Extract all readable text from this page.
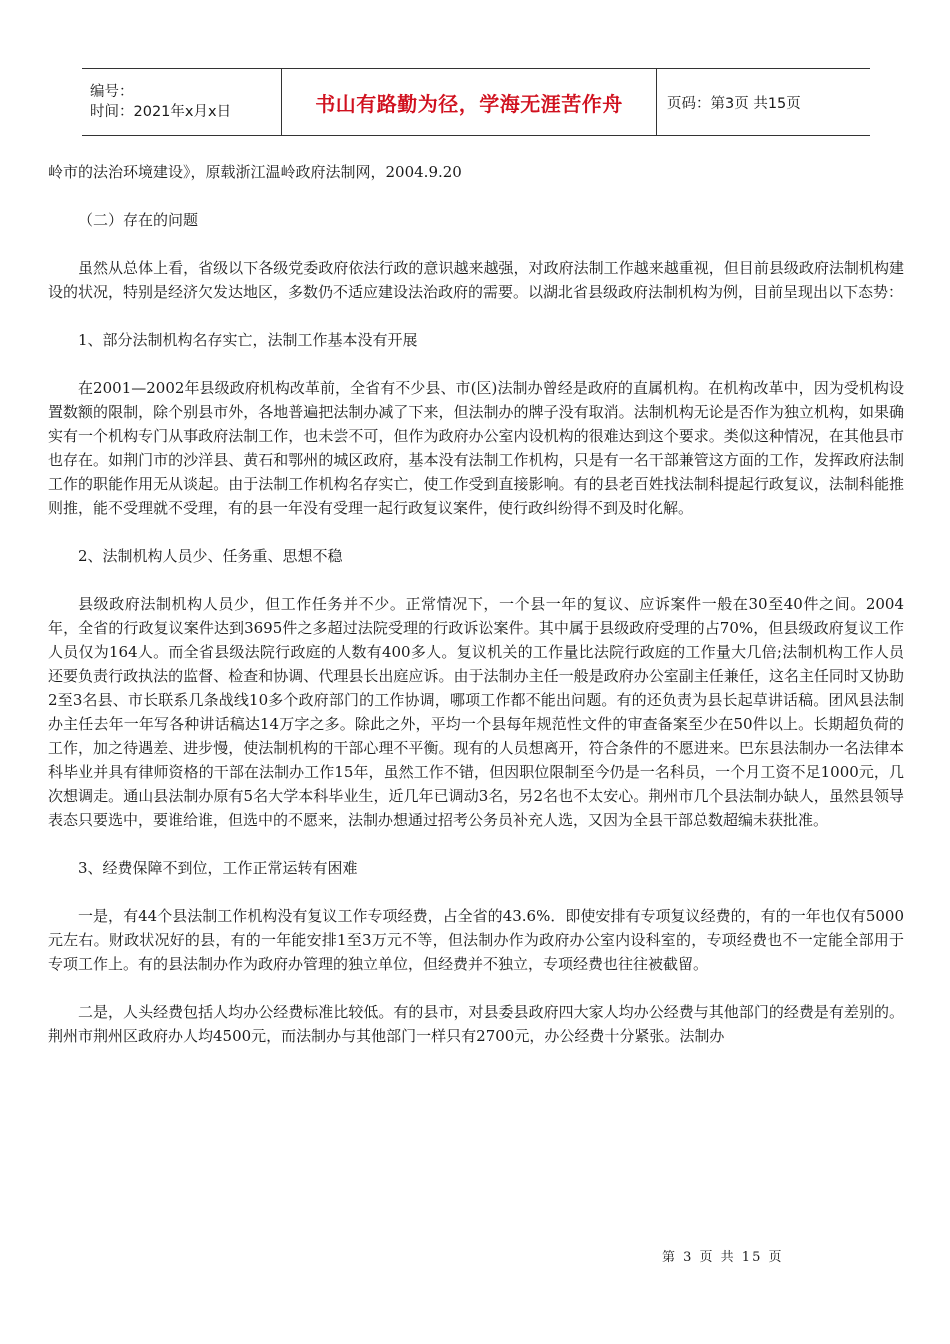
编号：
时间：2021年x月x日	书山有路勤为径，学海无涯苦作舟	页码：第3页 共15页

岭市的法治环境建设》，原载浙江温岭政府法制网，2004.9.20

（二）存在的问题

虽然从总体上看，省级以下各级党委政府依法行政的意识越来越强，对政府法制工作越来越重视，但目前县级政府法制机构建设的状况，特别是经济欠发达地区，多数仍不适应建设法治政府的需要。以湖北省县级政府法制机构为例，目前呈现出以下态势：

1、部分法制机构名存实亡，法制工作基本没有开展

在2001—2002年县级政府机构改革前，全省有不少县、市(区)法制办曾经是政府的直属机构。在机构改革中，因为受机构设置数额的限制，除个别县市外，各地普遍把法制办减了下来，但法制办的牌子没有取消。法制机构无论是否作为独立机构，如果确实有一个机构专门从事政府法制工作，也未尝不可，但作为政府办公室内设机构的很难达到这个要求。类似这种情况，在其他县市也存在。如荆门市的沙洋县、黄石和鄂州的城区政府，基本没有法制工作机构，只是有一名干部兼管这方面的工作，发挥政府法制工作的职能作用无从谈起。由于法制工作机构名存实亡，使工作受到直接影响。有的县老百姓找法制科提起行政复议，法制科能推则推，能不受理就不受理，有的县一年没有受理一起行政复议案件，使行政纠纷得不到及时化解。

2、法制机构人员少、任务重、思想不稳

县级政府法制机构人员少，但工作任务并不少。正常情况下，一个县一年的复议、应诉案件一般在30至40件之间。2004年，全省的行政复议案件达到3695件之多超过法院受理的行政诉讼案件。其中属于县级政府受理的占70%，但县级政府复议工作人员仅为164人。而全省县级法院行政庭的人数有400多人。复议机关的工作量比法院行政庭的工作量大几倍;法制机构工作人员还要负责行政执法的监督、检查和协调、代理县长出庭应诉。由于法制办主任一般是政府办公室副主任兼任，这名主任同时又协助2至3名县、市长联系几条战线10多个政府部门的工作协调，哪项工作都不能出问题。有的还负责为县长起草讲话稿。团风县法制办主任去年一年写各种讲话稿达14万字之多。除此之外，平均一个县每年规范性文件的审查备案至少在50件以上。长期超负荷的工作，加之待遇差、进步慢，使法制机构的干部心理不平衡。现有的人员想离开，符合条件的不愿进来。巴东县法制办一名法律本科毕业并具有律师资格的干部在法制办工作15年，虽然工作不错，但因职位限制至今仍是一名科员，一个月工资不足1000元，几次想调走。通山县法制办原有5名大学本科毕业生，近几年已调动3名，另2名也不太安心。荆州市几个县法制办缺人，虽然县领导表态只要选中，要谁给谁，但选中的不愿来，法制办想通过招考公务员补充人选，又因为全县干部总数超编未获批准。

3、经费保障不到位，工作正常运转有困难

一是，有44个县法制工作机构没有复议工作专项经费，占全省的43.6%．即使安排有专项复议经费的，有的一年也仅有5000元左右。财政状况好的县，有的一年能安排1至3万元不等，但法制办作为政府办公室内设科室的，专项经费也不一定能全部用于专项工作上。有的县法制办作为政府办管理的独立单位，但经费并不独立，专项经费也往往被截留。

二是，人头经费包括人均办公经费标准比较低。有的县市，对县委县政府四大家人均办公经费与其他部门的经费是有差别的。荆州市荆州区政府办人均4500元，而法制办与其他部门一样只有2700元，办公经费十分紧张。法制办

第 3 页 共 15 页
